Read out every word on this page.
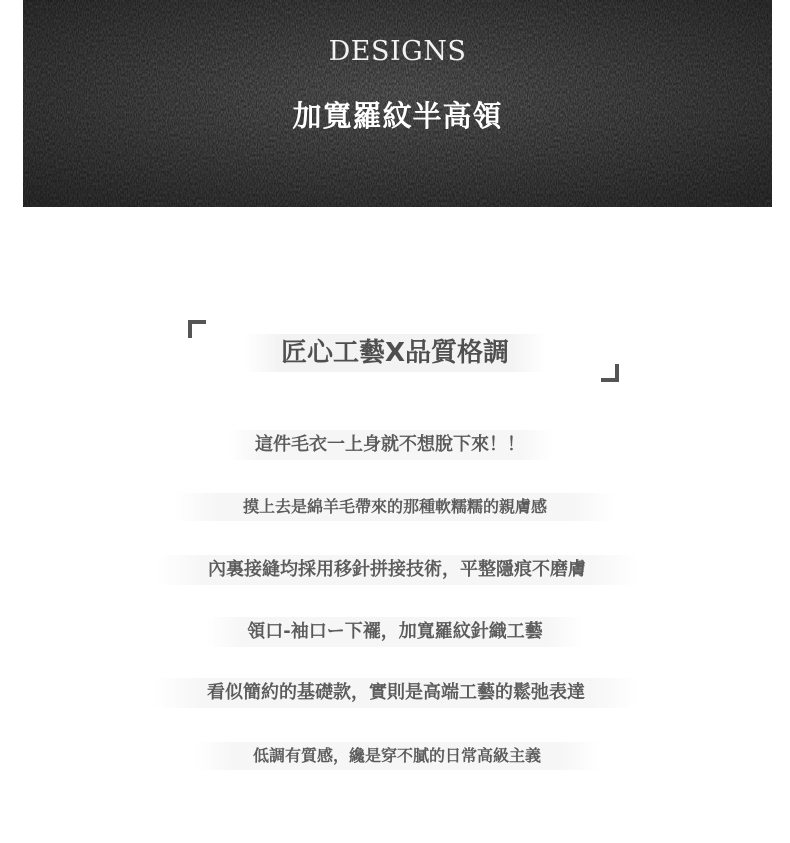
DESIGNS
加寬羅紋半高領
匠心工藝X品質格調
這件毛衣一上身就不想脫下來！！
摸上去是綿羊毛帶來的那種軟糯糯的親膚感
內裏接縫均採用移針拼接技術，平整隱痕不磨膚
領口-袖口ー下襬，加寬羅紋針織工藝
看似簡約的基礎款，實則是高端工藝的鬆弛表達
低調有質感，纔是穿不膩的日常高級主義
